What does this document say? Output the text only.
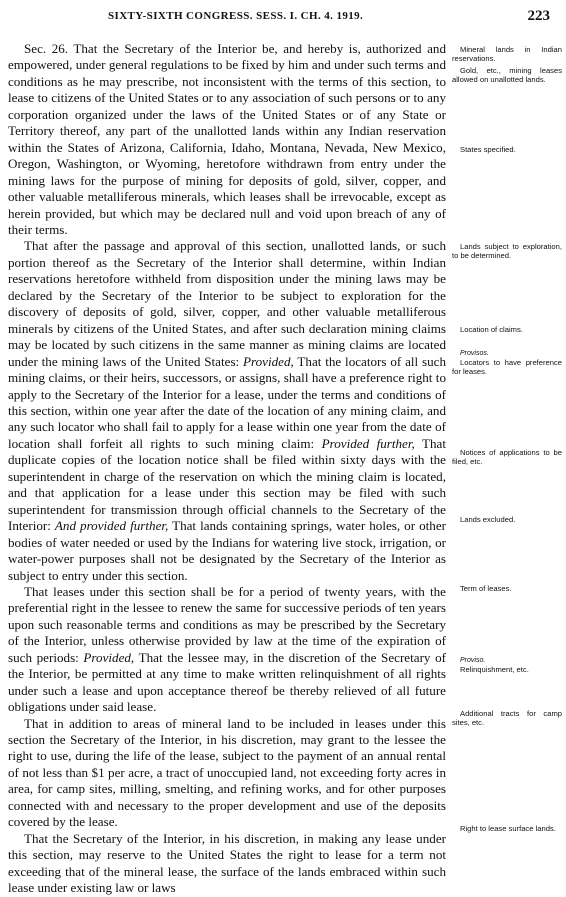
SIXTY-SIXTH CONGRESS. SESS. I. CH. 4. 1919.	223

Sec. 26. That the Secretary of the Interior be, and hereby is, authorized and empowered, under general regulations to be fixed by him and under such terms and conditions as he may prescribe, not inconsistent with the terms of this section, to lease to citizens of the United States or to any association of such persons or to any corporation organized under the laws of the United States or of any State or Territory thereof, any part of the unallotted lands within any Indian reservation within the States of Arizona, California, Idaho, Montana, Nevada, New Mexico, Oregon, Washington, or Wyoming, heretofore withdrawn from entry under the mining laws for the purpose of mining for deposits of gold, silver, copper, and other valuable metalliferous minerals, which leases shall be irrevocable, except as herein provided, but which may be declared null and void upon breach of any of their terms.

That after the passage and approval of this section, unallotted lands, or such portion thereof as the Secretary of the Interior shall determine, within Indian reservations heretofore withheld from disposition under the mining laws may be declared by the Secretary of the Interior to be subject to exploration for the discovery of deposits of gold, silver, copper, and other valuable metalliferous minerals by citizens of the United States, and after such declaration mining claims may be located by such citizens in the same manner as mining claims are located under the mining laws of the United States: Provided, That the locators of all such mining claims, or their heirs, successors, or assigns, shall have a preference right to apply to the Secretary of the Interior for a lease, under the terms and conditions of this section, within one year after the date of the location of any mining claim, and any such locator who shall fail to apply for a lease within one year from the date of location shall forfeit all rights to such mining claim: Provided further, That duplicate copies of the location notice shall be filed within sixty days with the superintendent in charge of the reservation on which the mining claim is located, and that application for a lease under this section may be filed with such superintendent for transmission through official channels to the Secretary of the Interior: And provided further, That lands containing springs, water holes, or other bodies of water needed or used by the Indians for watering live stock, irrigation, or water-power purposes shall not be designated by the Secretary of the Interior as subject to entry under this section.

That leases under this section shall be for a period of twenty years, with the preferential right in the lessee to renew the same for successive periods of ten years upon such reasonable terms and conditions as may be prescribed by the Secretary of the Interior, unless otherwise provided by law at the time of the expiration of such periods: Provided, That the lessee may, in the discretion of the Secretary of the Interior, be permitted at any time to make written relinquishment of all rights under such a lease and upon acceptance thereof be thereby relieved of all future obligations under said lease.

That in addition to areas of mineral land to be included in leases under this section the Secretary of the Interior, in his discretion, may grant to the lessee the right to use, during the life of the lease, subject to the payment of an annual rental of not less than $1 per acre, a tract of unoccupied land, not exceeding forty acres in area, for camp sites, milling, smelting, and refining works, and for other purposes connected with and necessary to the proper development and use of the deposits covered by the lease.

That the Secretary of the Interior, in his discretion, in making any lease under this section, may reserve to the United States the right to lease for a term not exceeding that of the mineral lease, the surface of the lands embraced within such lease under existing law or laws

Mineral lands in Indian reservations.
Gold, etc., mining leases allowed on unallotted lands.
States specified.
Lands subject to exploration, to be determined.
Location of claims.
Provisos.
Locators to have preference for leases.
Notices of applications to be filed, etc.
Lands excluded.
Term of leases.
Proviso.
Relinquishment, etc.
Additional tracts for camp sites, etc.
Right to lease surface lands.
